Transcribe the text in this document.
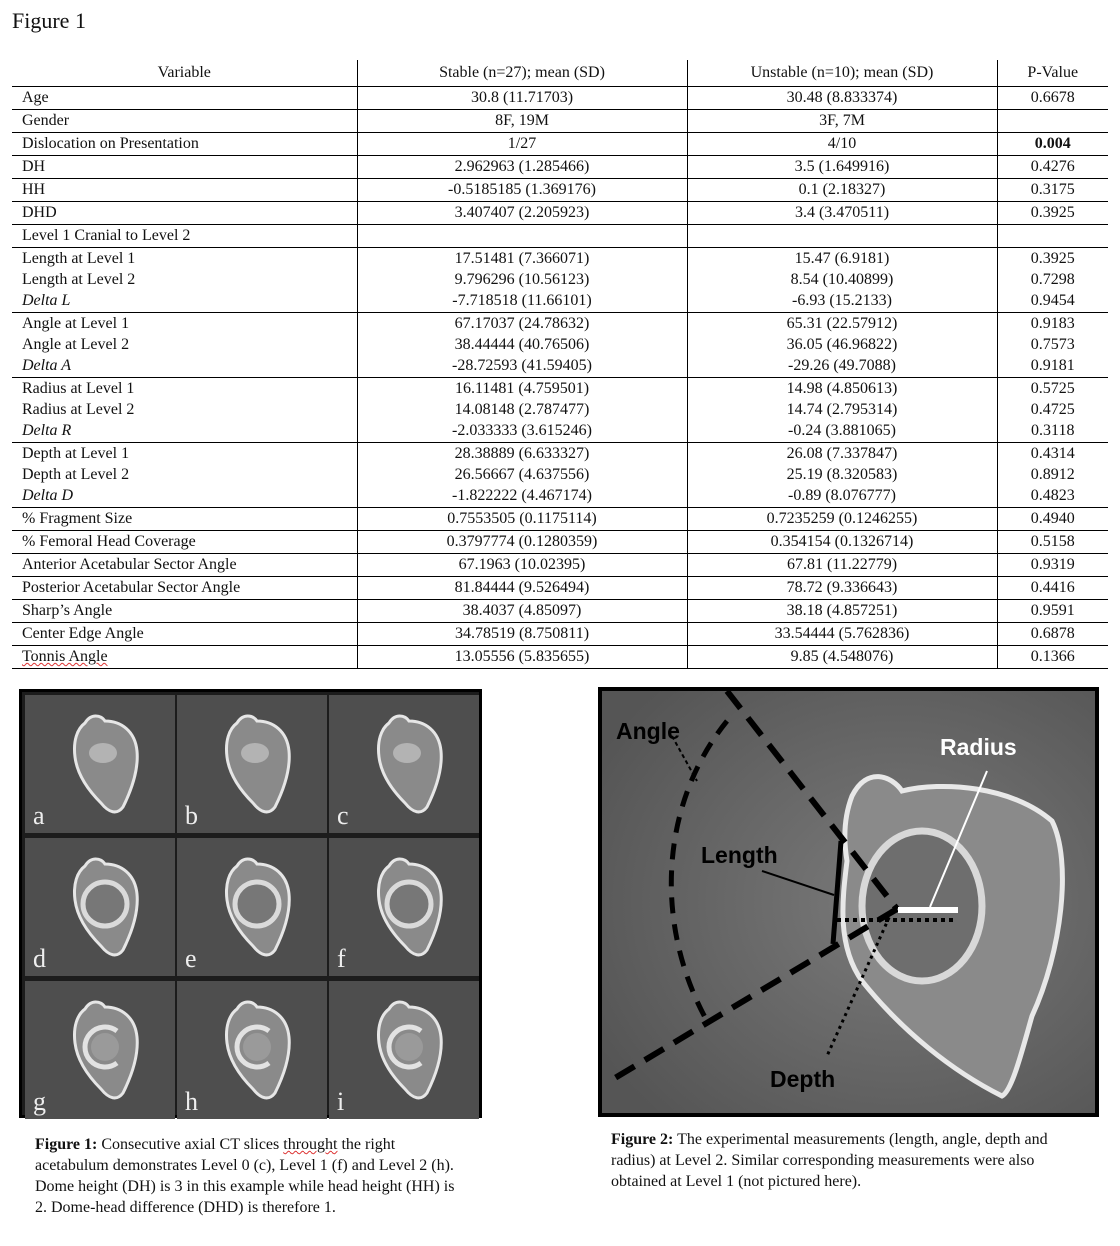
Figure 1
Variable	Stable (n=27); mean (SD)	Unstable (n=10); mean (SD)	P-Value
Age	30.8 (11.71703)	30.48 (8.833374)	0.6678
Gender	8F, 19M	3F, 7M	
Dislocation on Presentation	1/27	4/10	0.004
DH	2.962963 (1.285466)	3.5 (1.649916)	0.4276
HH	-0.5185185 (1.369176)	0.1 (2.18327)	0.3175
DHD	3.407407 (2.205923)	3.4 (3.470511)	0.3925
Level 1 Cranial to Level 2			
Length at Level 1	17.51481 (7.366071)	15.47 (6.9181)	0.3925
Length at Level 2	9.796296 (10.56123)	8.54 (10.40899)	0.7298
Delta L	-7.718518 (11.66101)	-6.93 (15.2133)	0.9454
Angle at Level 1	67.17037 (24.78632)	65.31 (22.57912)	0.9183
Angle at Level 2	38.44444 (40.76506)	36.05 (46.96822)	0.7573
Delta A	-28.72593 (41.59405)	-29.26 (49.7088)	0.9181
Radius at Level 1	16.11481 (4.759501)	14.98 (4.850613)	0.5725
Radius at Level 2	14.08148 (2.787477)	14.74 (2.795314)	0.4725
Delta R	-2.033333 (3.615246)	-0.24 (3.881065)	0.3118
Depth at Level 1	28.38889 (6.633327)	26.08 (7.337847)	0.4314
Depth at Level 2	26.56667 (4.637556)	25.19 (8.320583)	0.8912
Delta D	-1.822222 (4.467174)	-0.89 (8.076777)	0.4823
% Fragment Size	0.7553505 (0.1175114)	0.7235259 (0.1246255)	0.4940
% Femoral Head Coverage	0.3797774 (0.1280359)	0.354154 (0.1326714)	0.5158
Anterior Acetabular Sector Angle	67.1963 (10.02395)	67.81 (11.22779)	0.9319
Posterior Acetabular Sector Angle	81.84444 (9.526494)	78.72 (9.336643)	0.4416
Sharp’s Angle	38.4037 (4.85097)	38.18 (4.857251)	0.9591
Center Edge Angle	34.78519 (8.750811)	33.54444 (5.762836)	0.6878
Tonnis Angle	13.05556 (5.835655)	9.85 (4.548076)	0.1366
a	b	c
d	e	f
g	h	i
Figure 1: Consecutive axial CT slices throught the right acetabulum demonstrates Level 0 (c), Level 1 (f) and Level 2 (h). Dome height (DH) is 3 in this example while head height (HH) is 2. Dome-head difference (DHD) is therefore 1.
Angle
Radius
Length
Depth
Figure 2: The experimental measurements (length, angle, depth and radius) at Level 2. Similar corresponding measurements were also obtained at Level 1 (not pictured here).
